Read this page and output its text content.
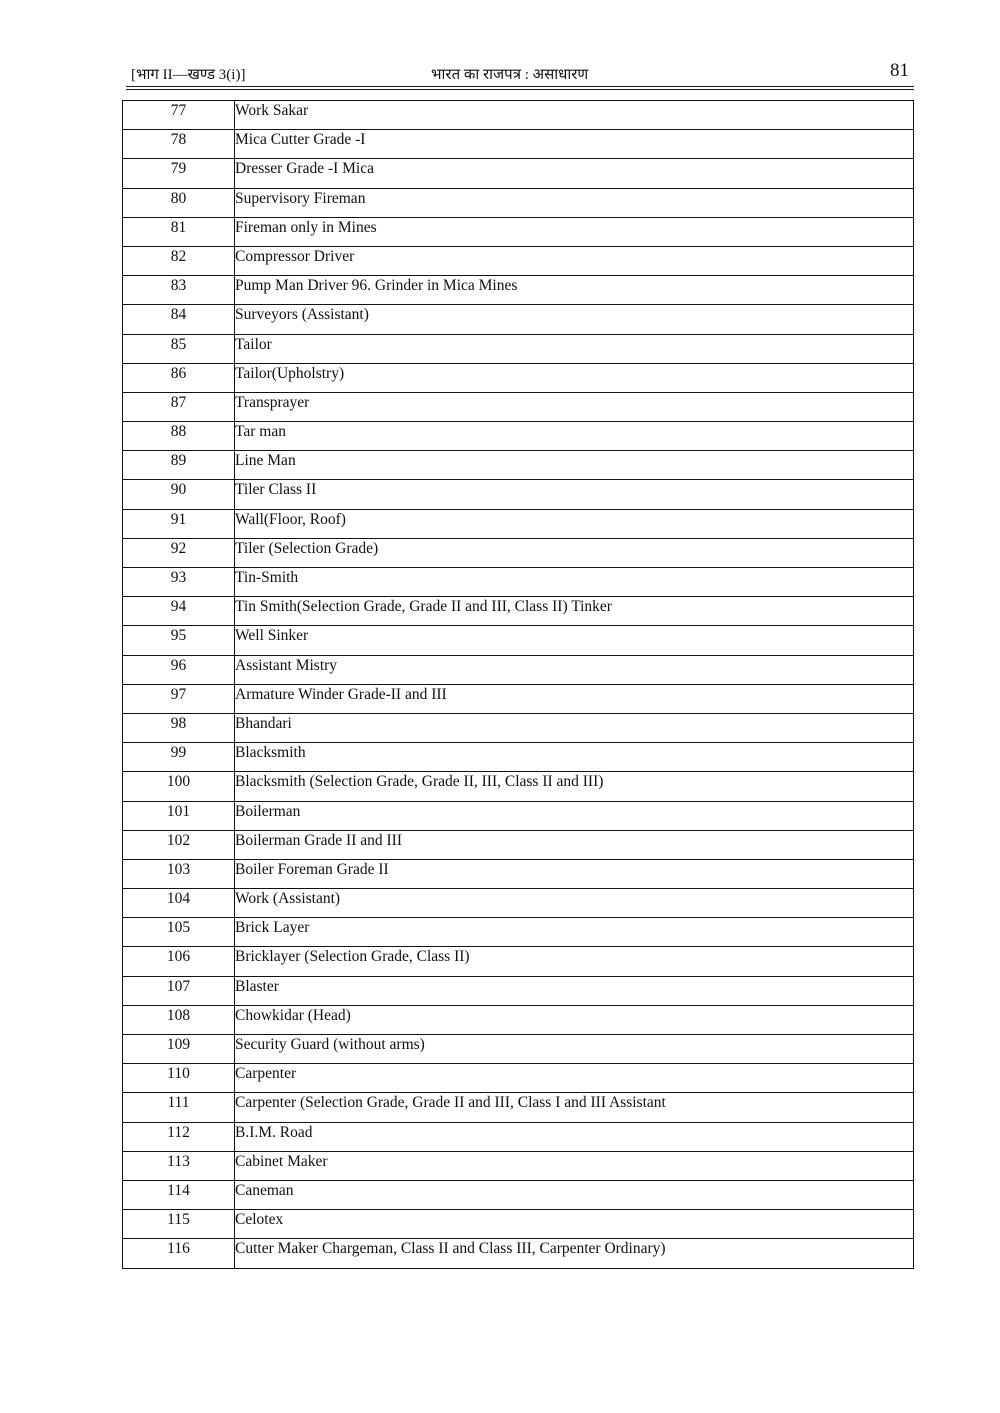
[भाग II—खण्ड 3(i)]	भारत का राजपत्र : असाधारण	81
77	Work Sakar
78	Mica Cutter Grade -I
79	Dresser Grade -I Mica
80	Supervisory Fireman
81	Fireman only in Mines
82	Compressor Driver
83	Pump Man Driver 96. Grinder in Mica Mines
84	Surveyors (Assistant)
85	Tailor
86	Tailor(Upholstry)
87	Transprayer
88	Tar man
89	Line Man
90	Tiler Class II
91	Wall(Floor, Roof)
92	Tiler (Selection Grade)
93	Tin-Smith
94	Tin Smith(Selection Grade, Grade II and III, Class II) Tinker
95	Well Sinker
96	Assistant Mistry
97	Armature Winder Grade-II and III
98	Bhandari
99	Blacksmith
100	Blacksmith (Selection Grade, Grade II, III, Class II and III)
101	Boilerman
102	Boilerman Grade II and III
103	Boiler Foreman Grade II
104	Work (Assistant)
105	Brick Layer
106	Bricklayer (Selection Grade, Class II)
107	Blaster
108	Chowkidar (Head)
109	Security Guard (without arms)
110	Carpenter
111	Carpenter (Selection Grade, Grade II and III, Class I and III Assistant
112	B.I.M. Road
113	Cabinet Maker
114	Caneman
115	Celotex
116	Cutter Maker Chargeman, Class II and Class III, Carpenter Ordinary)
